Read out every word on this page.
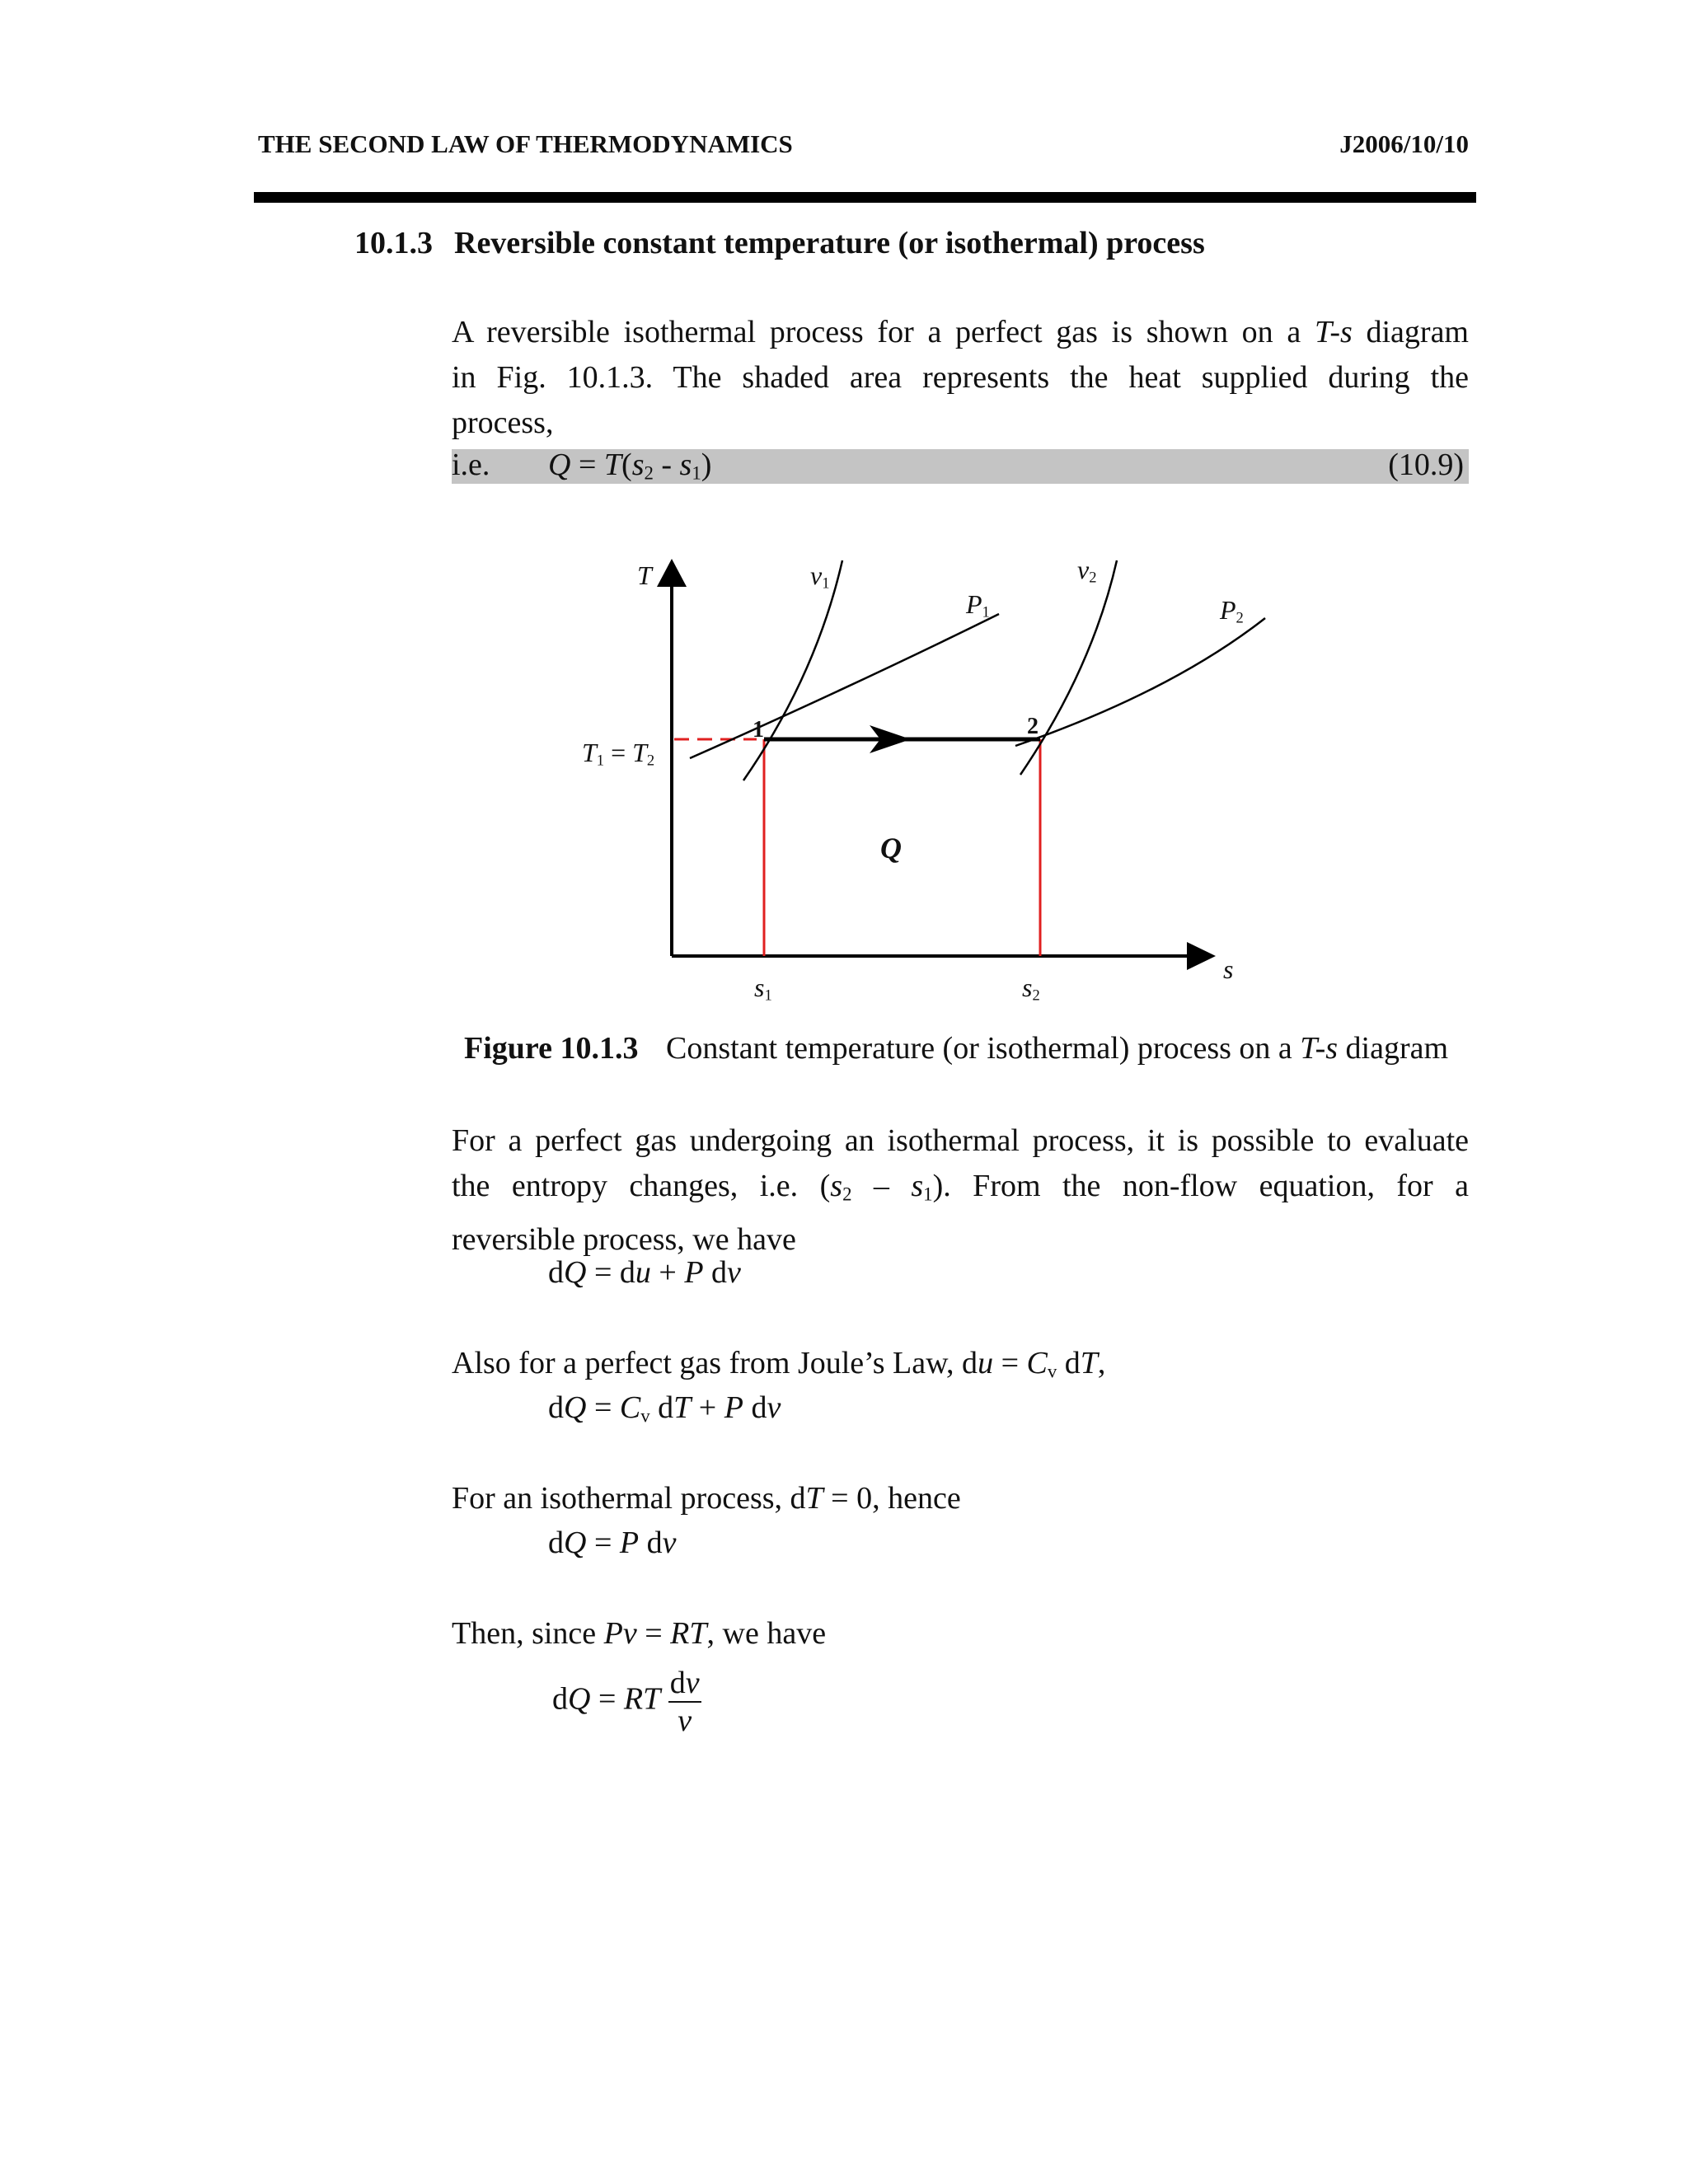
THE SECOND LAW OF THERMODYNAMICS	J2006/10/10
10.1.3 Reversible constant temperature (or isothermal) process

A reversible isothermal process for a perfect gas is shown on a T-s diagram

in Fig. 10.1.3. The shaded area represents the heat supplied during the

process,

i.e. $Q = T(s_2 - s_1)$	(10.9)
T
s
$T_1 = T_2$
$v_1$	$v_2$
$P_1$	$P_2$
1	2
Q
$s_1$	$s_2$
Figure 10.1.3 Constant temperature (or isothermal) process on a T-s diagram

For a perfect gas undergoing an isothermal process, it is possible to evaluate

the entropy changes, i.e. $(s_2 - s_1)$. From the non-flow equation, for a

reversible process, we have

dQ = du + P dv
Also for a perfect gas from Joule’s Law, du = $C_v$ dT,
dQ = $C_v$ dT + P dv
For an isothermal process, dT = 0, hence
dQ = P dv
Then, since Pv = RT, we have
dQ = RT $\frac{dv}{v}$
